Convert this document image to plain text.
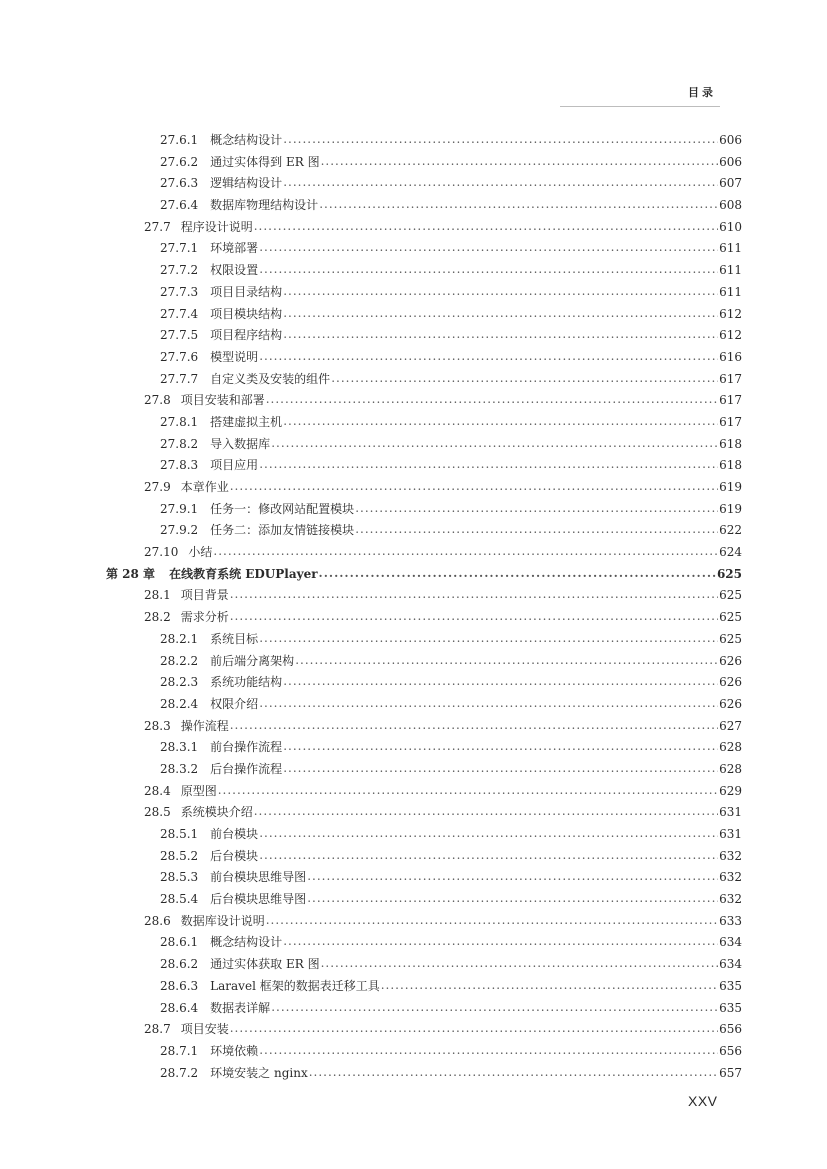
目录
27.6.1 概念结构设计 .....	606
27.6.2 通过实体得到 ER 图 .....	606
27.6.3 逻辑结构设计 .....	607
27.6.4 数据库物理结构设计 .....	608
27.7 程序设计说明 .....	610
27.7.1 环境部署 .....	611
27.7.2 权限设置 .....	611
27.7.3 项目目录结构 .....	611
27.7.4 项目模块结构 .....	612
27.7.5 项目程序结构 .....	612
27.7.6 模型说明 .....	616
27.7.7 自定义类及安装的组件 .....	617
27.8 项目安装和部署 .....	617
27.8.1 搭建虚拟主机 .....	617
27.8.2 导入数据库 .....	618
27.8.3 项目应用 .....	618
27.9 本章作业 .....	619
27.9.1 任务一：修改网站配置模块 .....	619
27.9.2 任务二：添加友情链接模块 .....	622
27.10 小结 .....	624
第 28 章 在线教育系统 EDUPlayer .....	625
28.1 项目背景 .....	625
28.2 需求分析 .....	625
28.2.1 系统目标 .....	625
28.2.2 前后端分离架构 .....	626
28.2.3 系统功能结构 .....	626
28.2.4 权限介绍 .....	626
28.3 操作流程 .....	627
28.3.1 前台操作流程 .....	628
28.3.2 后台操作流程 .....	628
28.4 原型图 .....	629
28.5 系统模块介绍 .....	631
28.5.1 前台模块 .....	631
28.5.2 后台模块 .....	632
28.5.3 前台模块思维导图 .....	632
28.5.4 后台模块思维导图 .....	632
28.6 数据库设计说明 .....	633
28.6.1 概念结构设计 .....	634
28.6.2 通过实体获取 ER 图 .....	634
28.6.3 Laravel 框架的数据表迁移工具 .....	635
28.6.4 数据表详解 .....	635
28.7 项目安装 .....	656
28.7.1 环境依赖 .....	656
28.7.2 环境安装之 nginx .....	657
XXV
